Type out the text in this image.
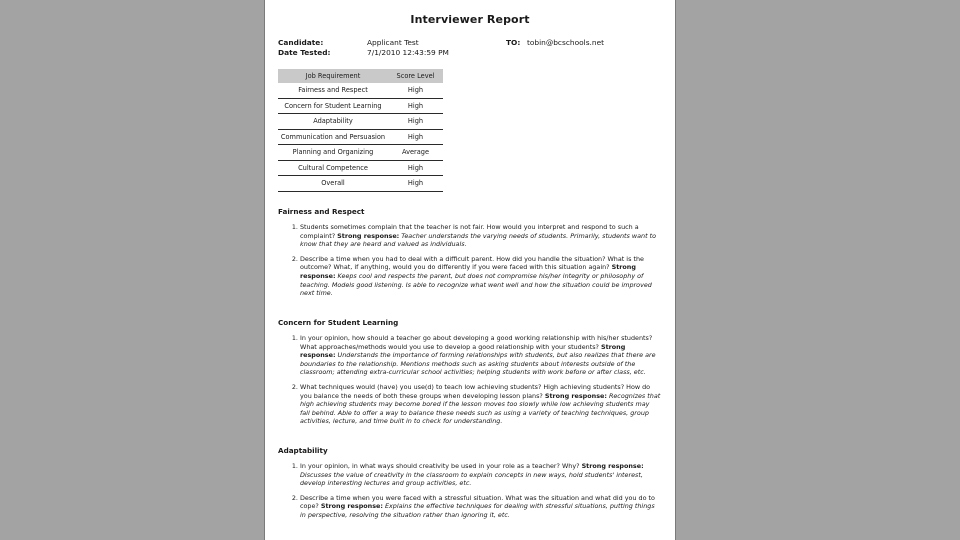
Interviewer Report
Candidate:	Applicant Test
Date Tested:	7/1/2010 12:43:59 PM
TO: tobin@bcschools.net
Job Requirement	Score Level
Fairness and Respect	High
Concern for Student Learning	High
Adaptability	High
Communication and Persuasion	High
Planning and Organizing	Average
Cultural Competence	High
Overall	High
Fairness and Respect
1. Students sometimes complain that the teacher is not fair. How would you interpret and respond to such a complaint? Strong response: Teacher understands the varying needs of students. Primarily, students want to know that they are heard and valued as individuals.
2. Describe a time when you had to deal with a difficult parent. How did you handle the situation? What is the outcome? What, if anything, would you do differently if you were faced with this situation again? Strong response: Keeps cool and respects the parent, but does not compromise his/her integrity or philosophy of teaching. Models good listening. Is able to recognize what went well and how the situation could be improved next time.
Concern for Student Learning
1. In your opinion, how should a teacher go about developing a good working relationship with his/her students? What approaches/methods would you use to develop a good relationship with your students? Strong response: Understands the importance of forming relationships with students, but also realizes that there are boundaries to the relationship. Mentions methods such as asking students about interests outside of the classroom; attending extra-curricular school activities; helping students with work before or after class, etc.
2. What techniques would (have) you use(d) to teach low achieving students? High achieving students? How do you balance the needs of both these groups when developing lesson plans? Strong response: Recognizes that high achieving students may become bored if the lesson moves too slowly while low achieving students may fall behind. Able to offer a way to balance these needs such as using a variety of teaching techniques, group activities, lecture, and time built in to check for understanding.
Adaptability
1. In your opinion, in what ways should creativity be used in your role as a teacher? Why? Strong response: Discusses the value of creativity in the classroom to explain concepts in new ways, hold students' interest, develop interesting lectures and group activities, etc.
2. Describe a time when you were faced with a stressful situation. What was the situation and what did you do to cope? Strong response: Explains the effective techniques for dealing with stressful situations, putting things in perspective, resolving the situation rather than ignoring it, etc.
